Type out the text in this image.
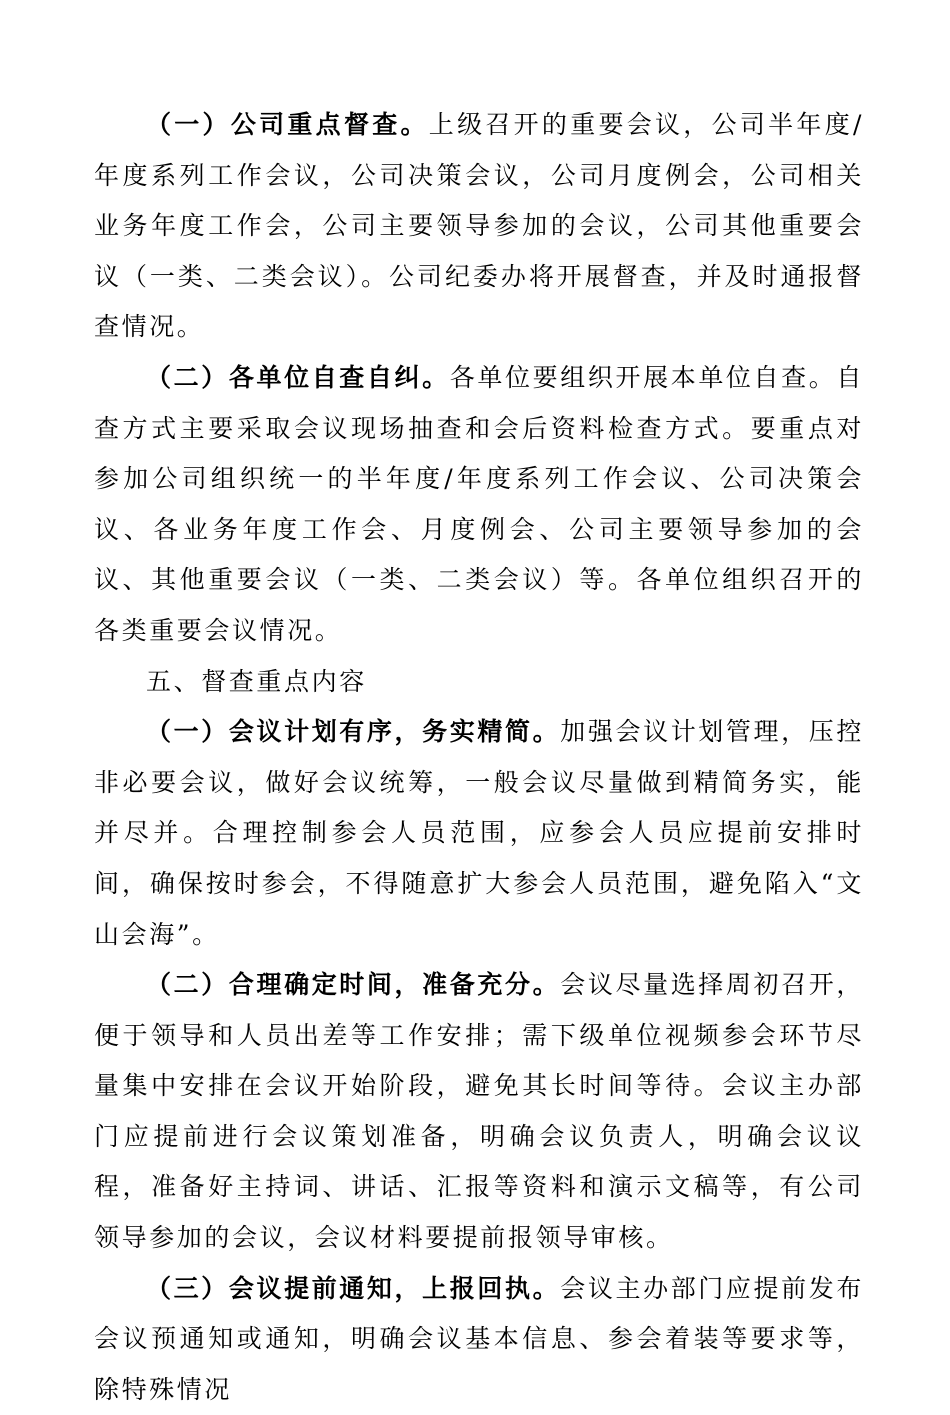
（一）公司重点督查。上级召开的重要会议，公司半年度/年度系列工作会议，公司决策会议，公司月度例会，公司相关业务年度工作会，公司主要领导参加的会议，公司其他重要会议（一类、二类会议）。公司纪委办将开展督查，并及时通报督查情况。

（二）各单位自查自纠。各单位要组织开展本单位自查。自查方式主要采取会议现场抽查和会后资料检查方式。要重点对参加公司组织统一的半年度/年度系列工作会议、公司决策会议、各业务年度工作会、月度例会、公司主要领导参加的会议、其他重要会议（一类、二类会议）等。各单位组织召开的各类重要会议情况。

五、督查重点内容

（一）会议计划有序，务实精简。加强会议计划管理，压控非必要会议，做好会议统筹，一般会议尽量做到精简务实，能并尽并。合理控制参会人员范围，应参会人员应提前安排时间，确保按时参会，不得随意扩大参会人员范围，避免陷入“文山会海”。

（二）合理确定时间，准备充分。会议尽量选择周初召开，便于领导和人员出差等工作安排；需下级单位视频参会环节尽量集中安排在会议开始阶段，避免其长时间等待。会议主办部门应提前进行会议策划准备，明确会议负责人，明确会议议程，准备好主持词、讲话、汇报等资料和演示文稿等，有公司领导参加的会议，会议材料要提前报领导审核。

（三）会议提前通知，上报回执。会议主办部门应提前发布会议预通知或通知，明确会议基本信息、参会着装等要求等，除特殊情况
